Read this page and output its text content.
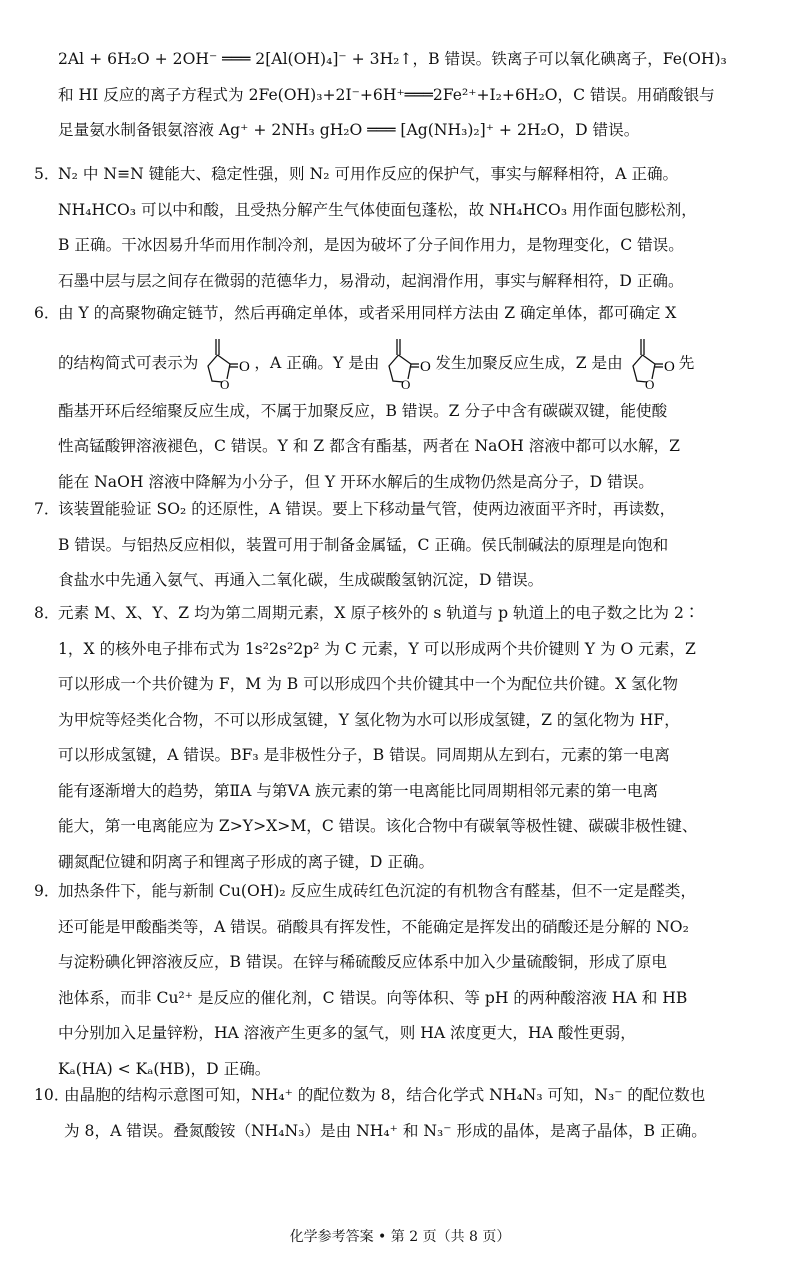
2Al + 6H₂O + 2OH⁻ ═══ 2[Al(OH)₄]⁻ + 3H₂↑，B 错误。铁离子可以氧化碘离子，Fe(OH)₃
和 HI 反应的离子方程式为 2Fe(OH)₃+2I⁻+6H⁺═══2Fe²⁺+I₂+6H₂O，C 错误。用硝酸银与
足量氨水制备银氨溶液 Ag⁺ + 2NH₃ gH₂O ═══ [Ag(NH₃)₂]⁺ + 2H₂O，D 错误。
5．
N₂ 中 N≡N 键能大、稳定性强，则 N₂ 可用作反应的保护气，事实与解释相符，A 正确。
NH₄HCO₃ 可以中和酸，且受热分解产生气体使面包蓬松，故 NH₄HCO₃ 用作面包膨松剂，
B 正确。干冰因易升华而用作制冷剂，是因为破坏了分子间作用力，是物理变化，C 错误。
石墨中层与层之间存在微弱的范德华力，易滑动，起润滑作用，事实与解释相符，D 正确。
6．
由 Y 的高聚物确定链节，然后再确定单体，或者采用同样方法由 Z 确定单体，都可确定 X
的结构简式可表示为	O
O
，A 正确。Y 是由	O
O
发生加聚反应生成，Z 是由	O
O
先
酯基开环后经缩聚反应生成，不属于加聚反应，B 错误。Z 分子中含有碳碳双键，能使酸
性高锰酸钾溶液褪色，C 错误。Y 和 Z 都含有酯基，两者在 NaOH 溶液中都可以水解，Z
能在 NaOH 溶液中降解为小分子，但 Y 开环水解后的生成物仍然是高分子，D 错误。
7．
该装置能验证 SO₂ 的还原性，A 错误。要上下移动量气管，使两边液面平齐时，再读数，
B 错误。与铝热反应相似，装置可用于制备金属锰，C 正确。侯氏制碱法的原理是向饱和
食盐水中先通入氨气、再通入二氧化碳，生成碳酸氢钠沉淀，D 错误。
8．
元素 M、X、Y、Z 均为第二周期元素，X 原子核外的 s 轨道与 p 轨道上的电子数之比为 2∶
1，X 的核外电子排布式为 1s²2s²2p² 为 C 元素，Y 可以形成两个共价键则 Y 为 O 元素，Z
可以形成一个共价键为 F，M 为 B 可以形成四个共价键其中一个为配位共价键。X 氢化物
为甲烷等烃类化合物，不可以形成氢键，Y 氢化物为水可以形成氢键，Z 的氢化物为 HF，
可以形成氢键，A 错误。BF₃ 是非极性分子，B 错误。同周期从左到右，元素的第一电离
能有逐渐增大的趋势，第ⅡA 与第ⅤA 族元素的第一电离能比同周期相邻元素的第一电离
能大，第一电离能应为 Z>Y>X>M，C 错误。该化合物中有碳氧等极性键、碳碳非极性键、
硼氮配位键和阴离子和锂离子形成的离子键，D 正确。
9．
加热条件下，能与新制 Cu(OH)₂ 反应生成砖红色沉淀的有机物含有醛基，但不一定是醛类，
还可能是甲酸酯类等，A 错误。硝酸具有挥发性，不能确定是挥发出的硝酸还是分解的 NO₂
与淀粉碘化钾溶液反应，B 错误。在锌与稀硫酸反应体系中加入少量硫酸铜，形成了原电
池体系，而非 Cu²⁺ 是反应的催化剂，C 错误。向等体积、等 pH 的两种酸溶液 HA 和 HB
中分别加入足量锌粉，HA 溶液产生更多的氢气，则 HA 浓度更大，HA 酸性更弱，
Kₐ(HA) < Kₐ(HB)，D 正确。
10．
由晶胞的结构示意图可知，NH₄⁺ 的配位数为 8，结合化学式 NH₄N₃ 可知，N₃⁻ 的配位数也
为 8，A 错误。叠氮酸铵（NH₄N₃）是由 NH₄⁺ 和 N₃⁻ 形成的晶体，是离子晶体，B 正确。
化学参考答案 • 第 2 页（共 8 页）
